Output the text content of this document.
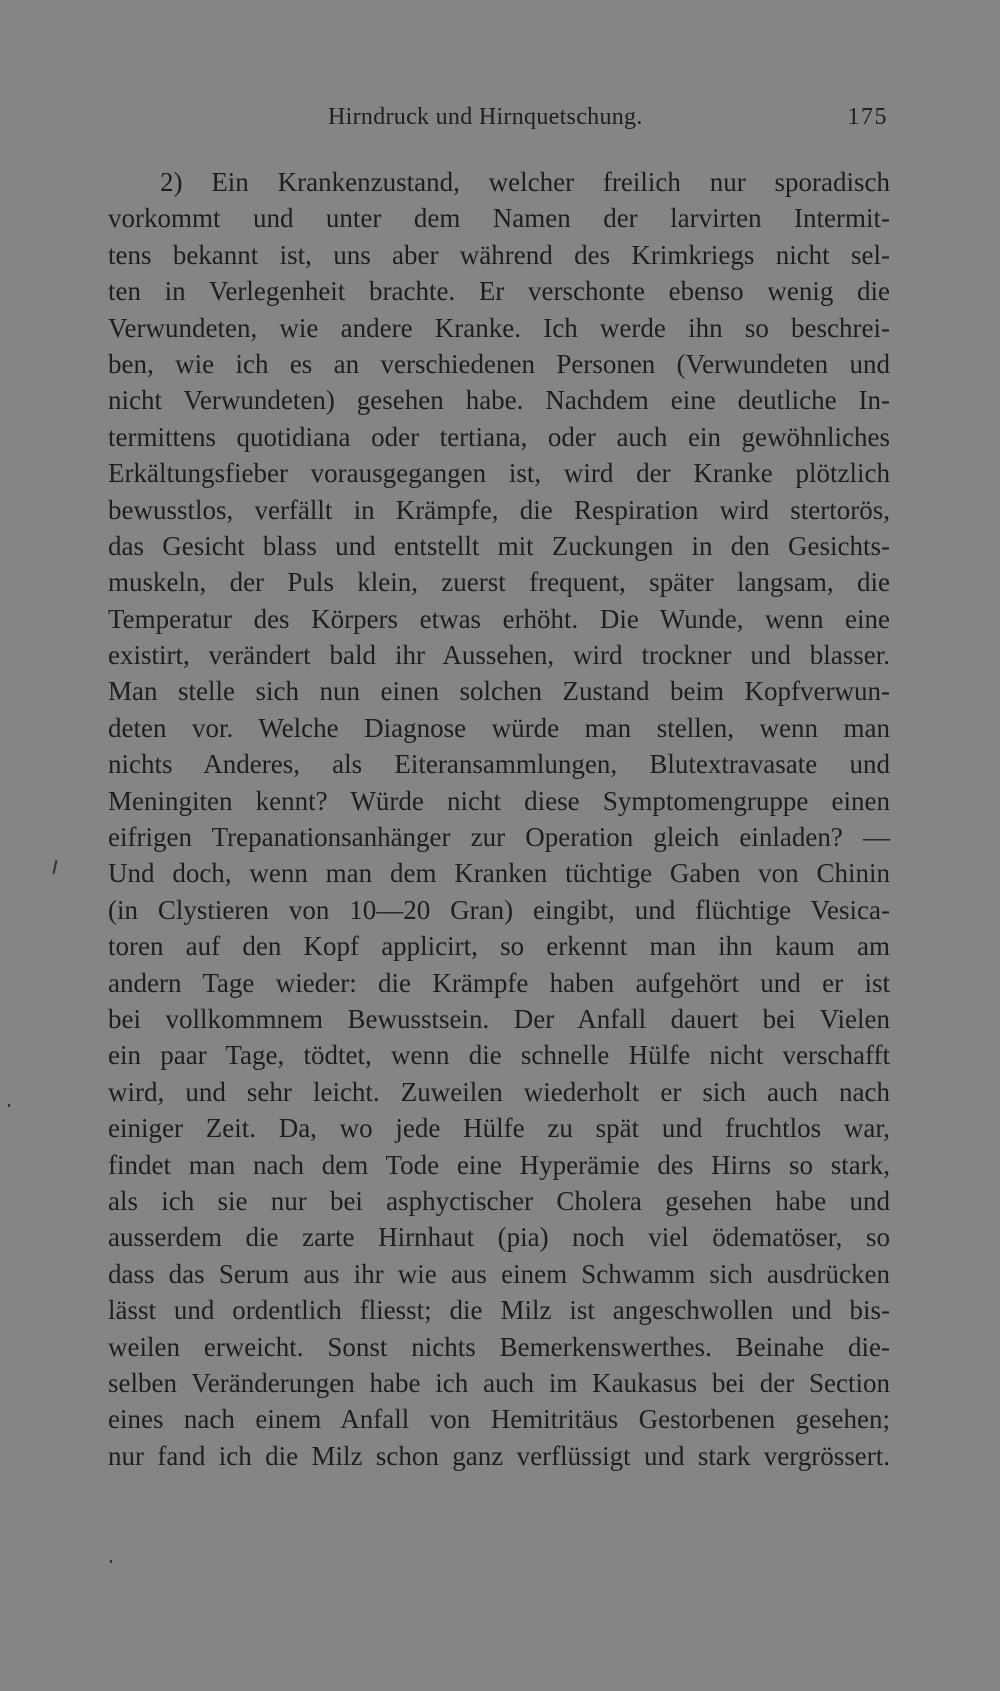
Hirndruck und Hirnquetschung.	175
2) Ein Krankenzustand, welcher freilich nur sporadisch
vorkommt und unter dem Namen der larvirten Intermit-
tens bekannt ist, uns aber während des Krimkriegs nicht sel-
ten in Verlegenheit brachte. Er verschonte ebenso wenig die
Verwundeten, wie andere Kranke. Ich werde ihn so beschrei-
ben, wie ich es an verschiedenen Personen (Verwundeten und
nicht Verwundeten) gesehen habe. Nachdem eine deutliche In-
termittens quotidiana oder tertiana, oder auch ein gewöhnliches
Erkältungsfieber vorausgegangen ist, wird der Kranke plötzlich
bewusstlos, verfällt in Krämpfe, die Respiration wird stertorös,
das Gesicht blass und entstellt mit Zuckungen in den Gesichts-
muskeln, der Puls klein, zuerst frequent, später langsam, die
Temperatur des Körpers etwas erhöht. Die Wunde, wenn eine
existirt, verändert bald ihr Aussehen, wird trockner und blasser.
Man stelle sich nun einen solchen Zustand beim Kopfverwun-
deten vor. Welche Diagnose würde man stellen, wenn man
nichts Anderes, als Eiteransammlungen, Blutextravasate und
Meningiten kennt? Würde nicht diese Symptomengruppe einen
eifrigen Trepanationsanhänger zur Operation gleich einladen? —
Und doch, wenn man dem Kranken tüchtige Gaben von Chinin
(in Clystieren von 10—20 Gran) eingibt, und flüchtige Vesica-
toren auf den Kopf applicirt, so erkennt man ihn kaum am
andern Tage wieder: die Krämpfe haben aufgehört und er ist
bei vollkommnem Bewusstsein. Der Anfall dauert bei Vielen
ein paar Tage, tödtet, wenn die schnelle Hülfe nicht verschafft
wird, und sehr leicht. Zuweilen wiederholt er sich auch nach
einiger Zeit. Da, wo jede Hülfe zu spät und fruchtlos war,
findet man nach dem Tode eine Hyperämie des Hirns so stark,
als ich sie nur bei asphyctischer Cholera gesehen habe und
ausserdem die zarte Hirnhaut (pia) noch viel ödematöser, so
dass das Serum aus ihr wie aus einem Schwamm sich ausdrücken
lässt und ordentlich fliesst; die Milz ist angeschwollen und bis-
weilen erweicht. Sonst nichts Bemerkenswerthes. Beinahe die-
selben Veränderungen habe ich auch im Kaukasus bei der Section
eines nach einem Anfall von Hemitritäus Gestorbenen gesehen;
nur fand ich die Milz schon ganz verflüssigt und stark vergrössert.
